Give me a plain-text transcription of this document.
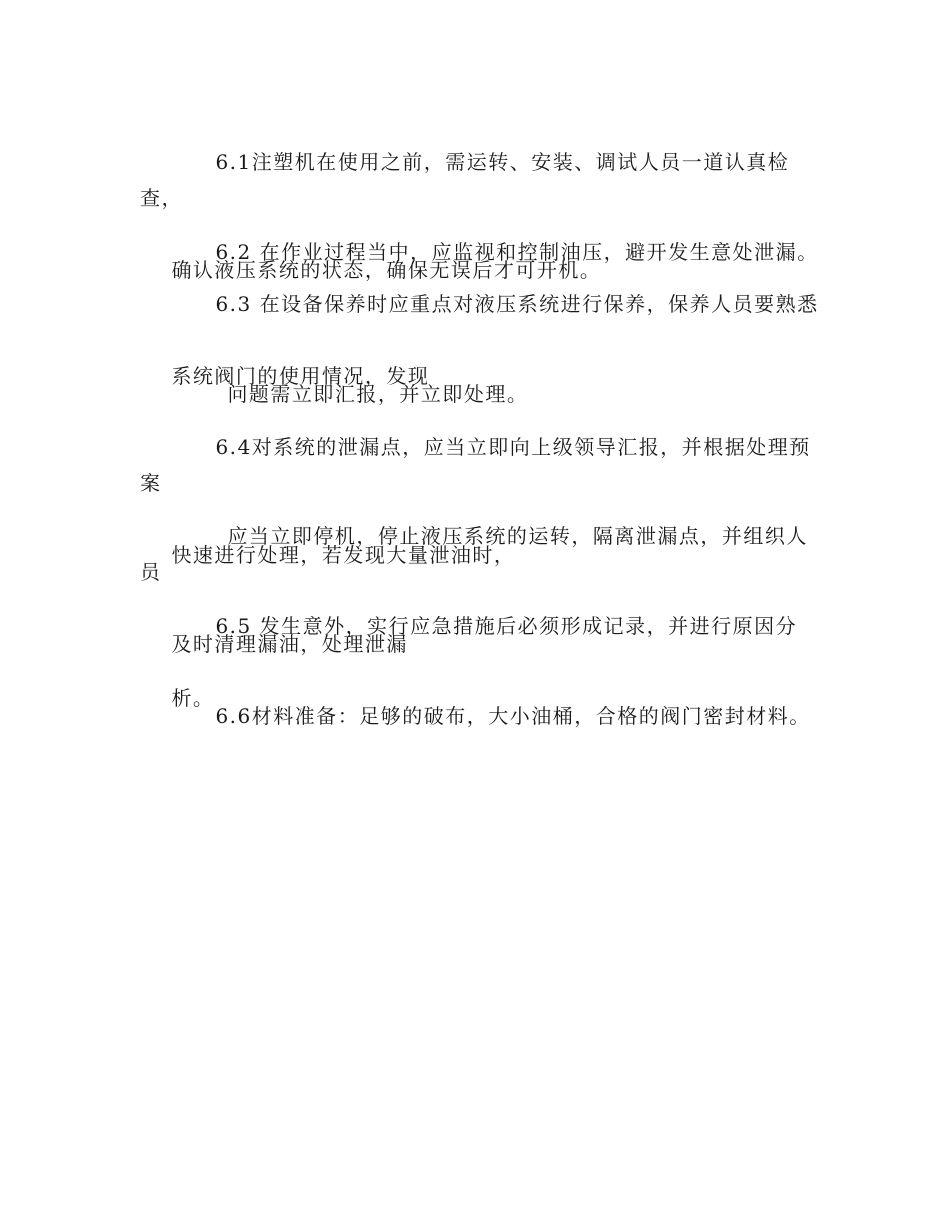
6.1注塑机在使用之前，需运转、安装、调试人员一道认真检查，

确认液压系统的状态，确保无误后才可开机。

6.2 在作业过程当中，应监视和控制油压，避开发生意处泄漏。

6.3 在设备保养时应重点对液压系统进行保养，保养人员要熟悉

系统阀门的使用情况，发现

问题需立即汇报，并立即处理。

6.4对系统的泄漏点，应当立即向上级领导汇报，并根据处理预案

快速进行处理，若发现大量泄油时，

应当立即停机，停止液压系统的运转，隔离泄漏点，并组织人员

及时清理漏油，处理泄漏

6.5 发生意外，实行应急措施后必须形成记录，并进行原因分

析。

6.6材料准备：足够的破布，大小油桶，合格的阀门密封材料。
